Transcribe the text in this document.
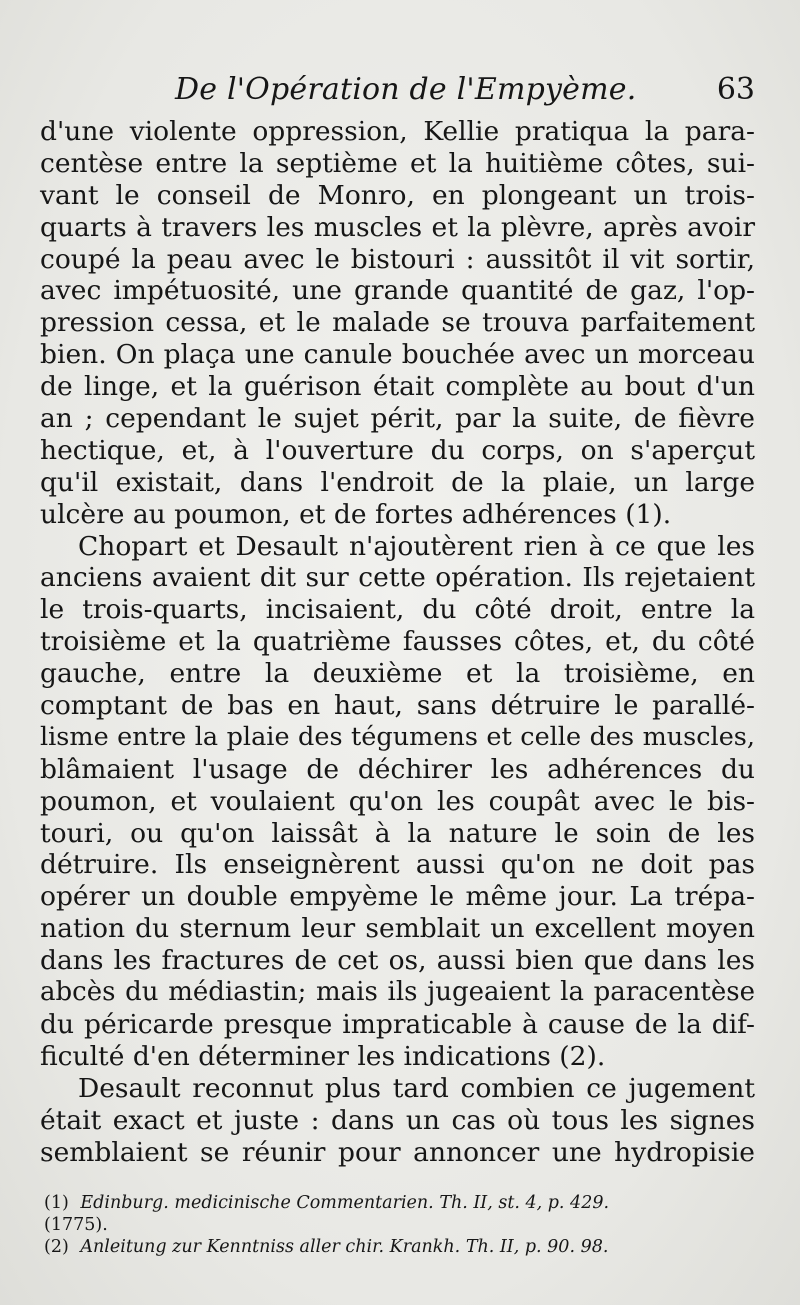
De l'Opération de l'Empyème.	63
d'une violente oppression, Kellie pratiqua la para-
centèse entre la septième et la huitième côtes, sui-
vant le conseil de Monro, en plongeant un trois-
quarts à travers les muscles et la plèvre, après avoir
coupé la peau avec le bistouri : aussitôt il vit sortir,
avec impétuosité, une grande quantité de gaz, l'op-
pression cessa, et le malade se trouva parfaitement
bien. On plaça une canule bouchée avec un morceau
de linge, et la guérison était complète au bout d'un
an ; cependant le sujet périt, par la suite, de fièvre
hectique, et, à l'ouverture du corps, on s'aperçut
qu'il existait, dans l'endroit de la plaie, un large
ulcère au poumon, et de fortes adhérences (1).
Chopart et Desault n'ajoutèrent rien à ce que les
anciens avaient dit sur cette opération. Ils rejetaient
le trois-quarts, incisaient, du côté droit, entre la
troisième et la quatrième fausses côtes, et, du côté
gauche, entre la deuxième et la troisième, en
comptant de bas en haut, sans détruire le parallé-
lisme entre la plaie des tégumens et celle des muscles,
blâmaient l'usage de déchirer les adhérences du
poumon, et voulaient qu'on les coupât avec le bis-
touri, ou qu'on laissât à la nature le soin de les
détruire. Ils enseignèrent aussi qu'on ne doit pas
opérer un double empyème le même jour. La trépa-
nation du sternum leur semblait un excellent moyen
dans les fractures de cet os, aussi bien que dans les
abcès du médiastin; mais ils jugeaient la paracentèse
du péricarde presque impraticable à cause de la dif-
ficulté d'en déterminer les indications (2).
Desault reconnut plus tard combien ce jugement
était exact et juste : dans un cas où tous les signes
semblaient se réunir pour annoncer une hydropisie
(1) Edinburg. medicinische Commentarien. Th. II, st. 4, p. 429.
(1775).
(2) Anleitung zur Kenntniss aller chir. Krankh. Th. II, p. 90. 98.
